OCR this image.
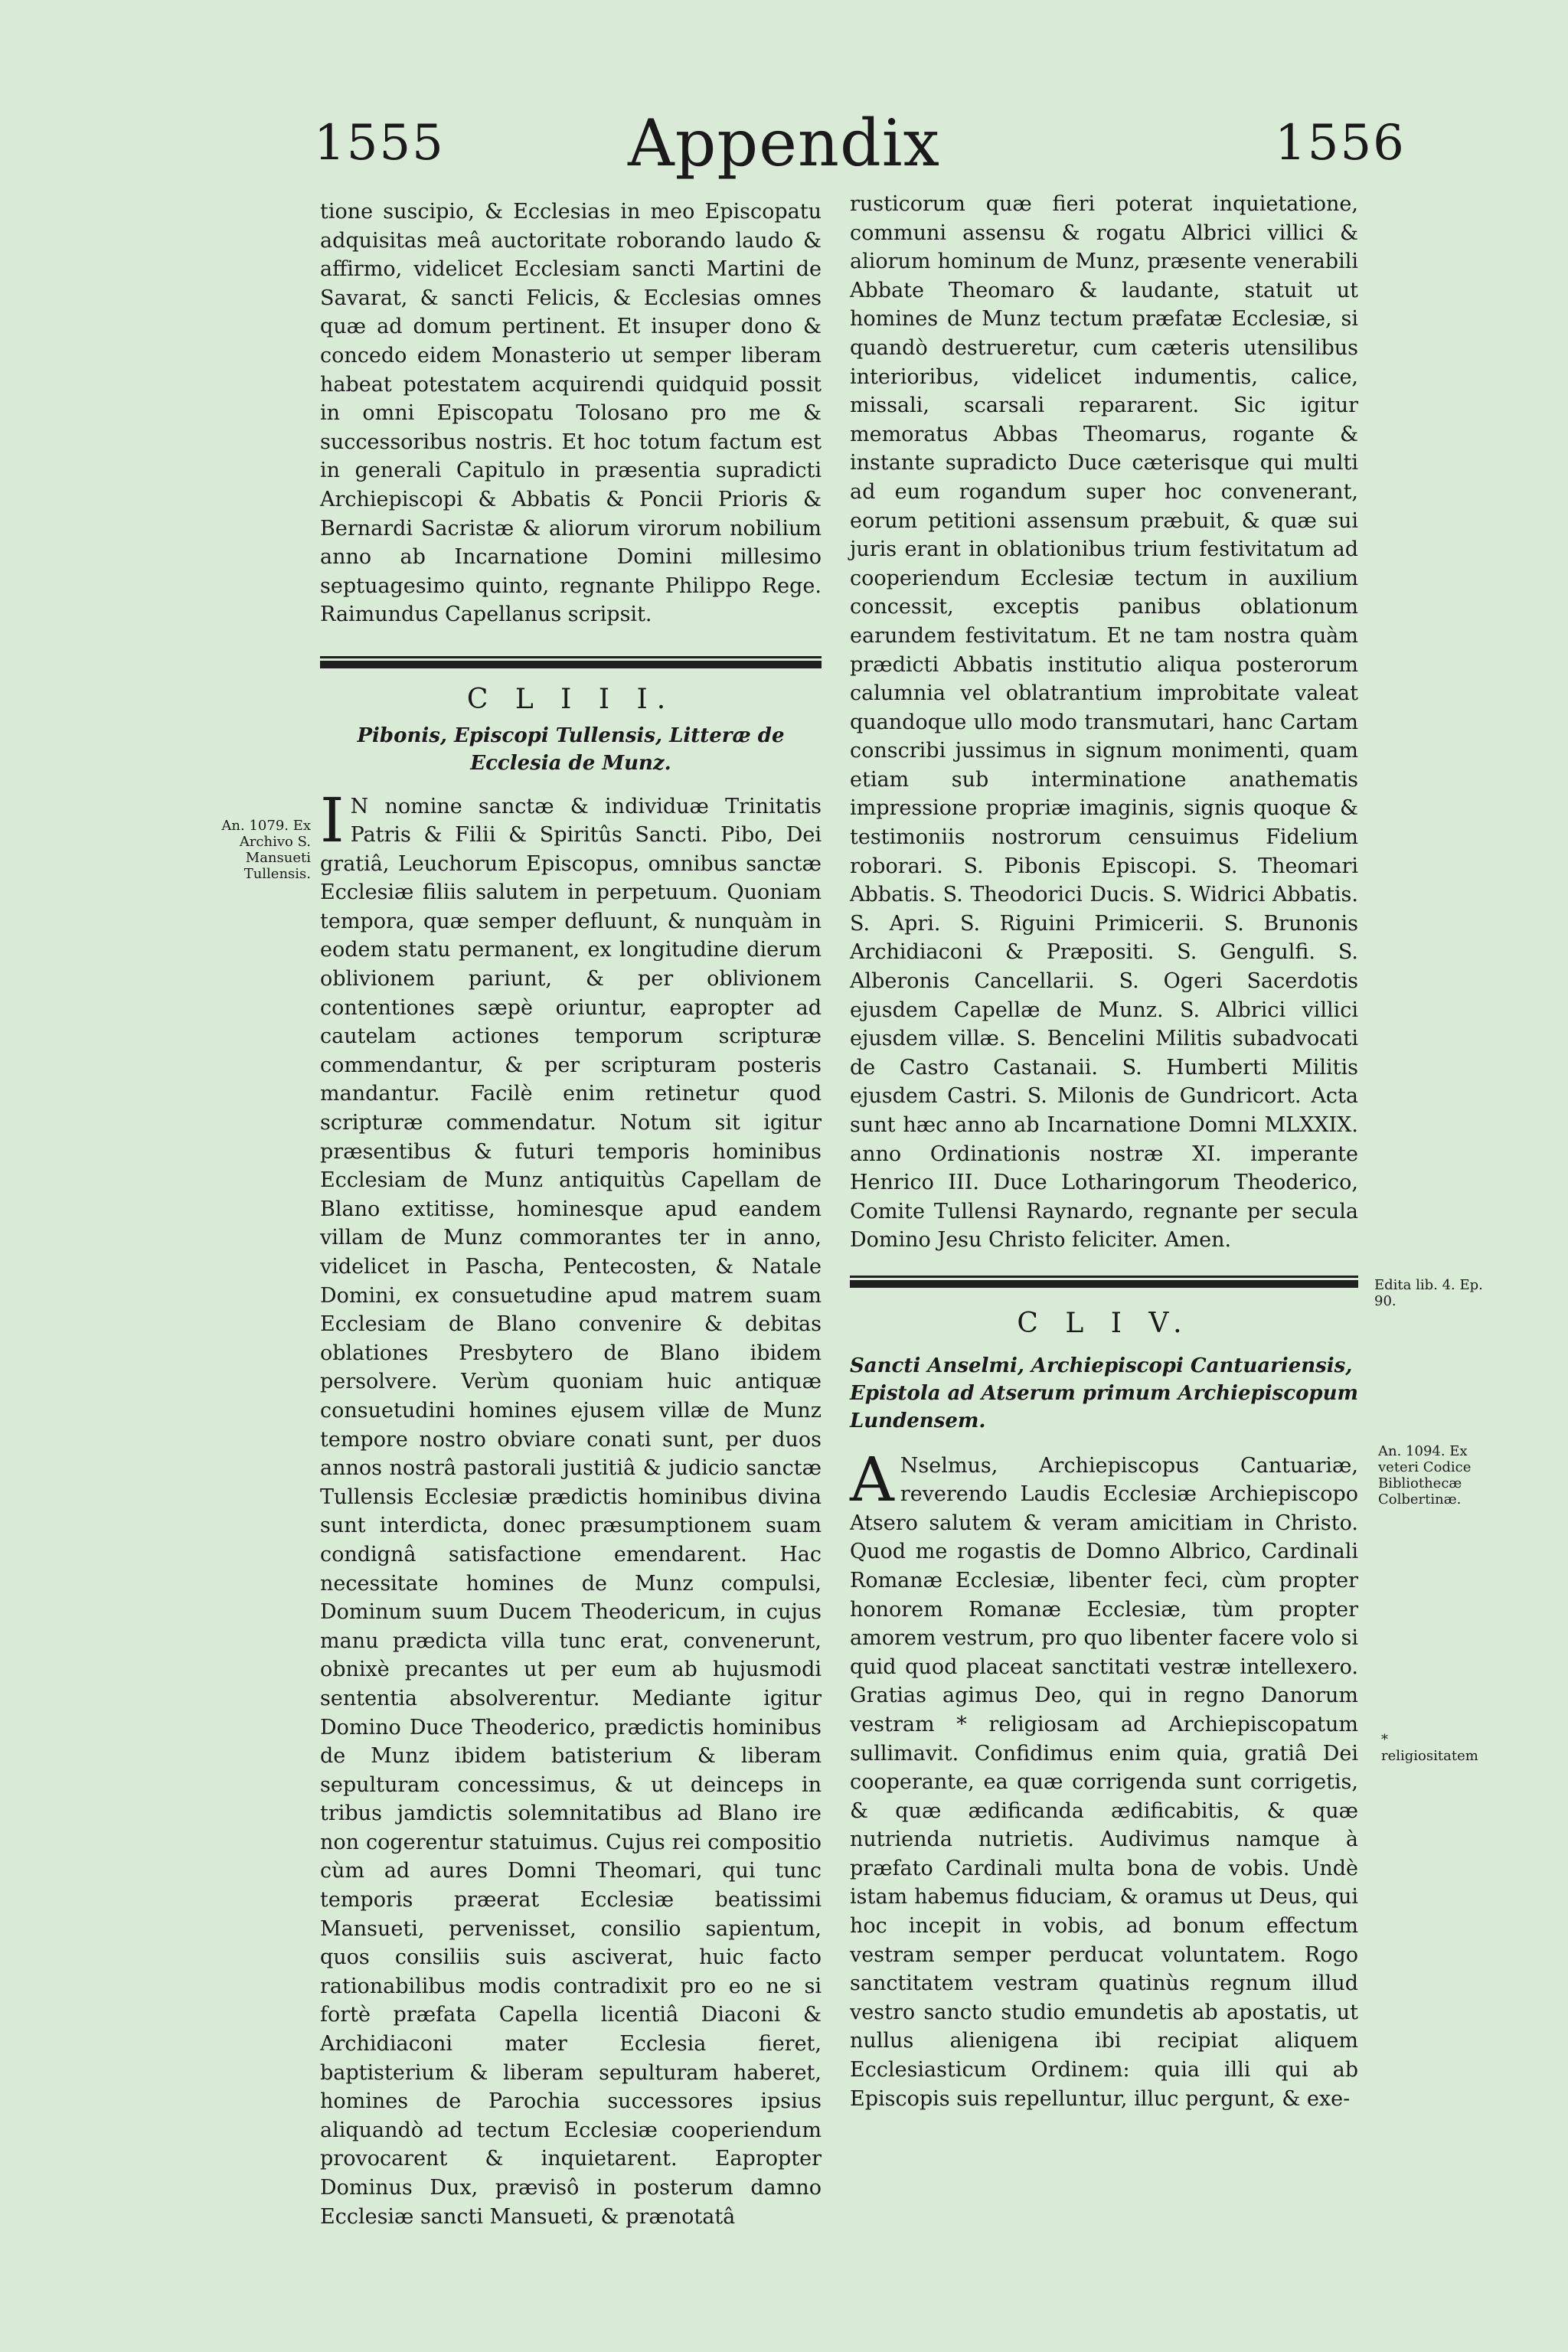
1555	Appendix	1556
An. 1079. Ex Archivo S. Mansueti Tullensis.

tione suscipio, & Ecclesias in meo Episcopatu adquisitas meâ auctoritate roborando laudo & affirmo, videlicet Ecclesiam sancti Martini de Savarat, & sancti Felicis, & Ecclesias omnes quæ ad domum pertinent. Et insuper dono & concedo eidem Monasterio ut semper liberam habeat potestatem acquirendi quidquid possit in omni Episcopatu Tolosano pro me & successoribus nostris. Et hoc totum factum est in generali Capitulo in præsentia supradicti Archiepiscopi & Abbatis & Poncii Prioris & Bernardi Sacristæ & aliorum virorum nobilium anno ab Incarnatione Domini millesimo septuagesimo quinto, regnante Philippo Rege. Raimundus Capellanus scripsit.

C L I I I.

Pibonis, Episcopi Tullensis, Litteræ de Ecclesia de Munz.

I N nomine sanctæ & individuæ Trinitatis Patris & Filii & Spiritûs Sancti. Pibo, Dei gratiâ, Leuchorum Episcopus, omnibus sanctæ Ecclesiæ filiis salutem in perpetuum. Quoniam tempora, quæ semper defluunt, & nunquàm in eodem statu permanent, ex longitudine dierum oblivionem pariunt, & per oblivionem contentiones sæpè oriuntur, eapropter ad cautelam actiones temporum scripturæ commendantur, & per scripturam posteris mandantur. Facilè enim retinetur quod scripturæ commendatur. Notum sit igitur præsentibus & futuri temporis hominibus Ecclesiam de Munz antiquitùs Capellam de Blano extitisse, hominesque apud eandem villam de Munz commorantes ter in anno, videlicet in Pascha, Pentecosten, & Natale Domini, ex consuetudine apud matrem suam Ecclesiam de Blano convenire & debitas oblationes Presbytero de Blano ibidem persolvere. Verùm quoniam huic antiquæ consuetudini homines ejusem villæ de Munz tempore nostro obviare conati sunt, per duos annos nostrâ pastorali justitiâ & judicio sanctæ Tullensis Ecclesiæ prædictis hominibus divina sunt interdicta, donec præsumptionem suam condignâ satisfactione emendarent. Hac necessitate homines de Munz compulsi, Dominum suum Ducem Theodericum, in cujus manu prædicta villa tunc erat, convenerunt, obnixè precantes ut per eum ab hujusmodi sententia absolverentur. Mediante igitur Domino Duce Theoderico, prædictis hominibus de Munz ibidem batisterium & liberam sepulturam concessimus, & ut deinceps in tribus jamdictis solemnitatibus ad Blano ire non cogerentur statuimus. Cujus rei compositio cùm ad aures Domni Theomari, qui tunc temporis præerat Ecclesiæ beatissimi Mansueti, pervenisset, consilio sapientum, quos consiliis suis asciverat, huic facto rationabilibus modis contradixit pro eo ne si fortè præfata Capella licentiâ Diaconi & Archidiaconi mater Ecclesia fieret, baptisterium & liberam sepulturam haberet, homines de Parochia successores ipsius aliquandò ad tectum Ecclesiæ cooperiendum provocarent & inquietarent. Eapropter Dominus Dux, prævisô in posterum damno Ecclesiæ sancti Mansueti, & prænotatâ

rusticorum quæ fieri poterat inquietatione, communi assensu & rogatu Albrici villici & aliorum hominum de Munz, præsente venerabili Abbate Theomaro & laudante, statuit ut homines de Munz tectum præfatæ Ecclesiæ, si quandò destrueretur, cum cæteris utensilibus interioribus, videlicet indumentis, calice, missali, scarsali repararent. Sic igitur memoratus Abbas Theomarus, rogante & instante supradicto Duce cæterisque qui multi ad eum rogandum super hoc convenerant, eorum petitioni assensum præbuit, & quæ sui juris erant in oblationibus trium festivitatum ad cooperiendum Ecclesiæ tectum in auxilium concessit, exceptis panibus oblationum earundem festivitatum. Et ne tam nostra quàm prædicti Abbatis institutio aliqua posterorum calumnia vel oblatrantium improbitate valeat quandoque ullo modo transmutari, hanc Cartam conscribi jussimus in signum monimenti, quam etiam sub interminatione anathematis impressione propriæ imaginis, signis quoque & testimoniis nostrorum censuimus Fidelium roborari. S. Pibonis Episcopi. S. Theomari Abbatis. S. Theodorici Ducis. S. Widrici Abbatis. S. Apri. S. Riguini Primicerii. S. Brunonis Archidiaconi & Præpositi. S. Gengulfi. S. Alberonis Cancellarii. S. Ogeri Sacerdotis ejusdem Capellæ de Munz. S. Albrici villici ejusdem villæ. S. Bencelini Militis subadvocati de Castro Castanaii. S. Humberti Militis ejusdem Castri. S. Milonis de Gundricort. Acta sunt hæc anno ab Incarnatione Domni MLXXIX. anno Ordinationis nostræ XI. imperante Henrico III. Duce Lotharingorum Theoderico, Comite Tullensi Raynardo, regnante per secula Domino Jesu Christo feliciter. Amen.

C L I V.

Sancti Anselmi, Archiepiscopi Cantuariensis, Epistola ad Atserum primum Archiepiscopum Lundensem.

A Nselmus, Archiepiscopus Cantuariæ, reverendo Laudis Ecclesiæ Archiepiscopo Atsero salutem & veram amicitiam in Christo. Quod me rogastis de Domno Albrico, Cardinali Romanæ Ecclesiæ, libenter feci, cùm propter honorem Romanæ Ecclesiæ, tùm propter amorem vestrum, pro quo libenter facere volo si quid quod placeat sanctitati vestræ intellexero. Gratias agimus Deo, qui in regno Danorum vestram * religiosam ad Archiepiscopatum sullimavit. Confidimus enim quia, gratiâ Dei cooperante, ea quæ corrigenda sunt corrigetis, & quæ ædificanda ædificabitis, & quæ nutrienda nutrietis. Audivimus namque à præfato Cardinali multa bona de vobis. Undè istam habemus fiduciam, & oramus ut Deus, qui hoc incepit in vobis, ad bonum effectum vestram semper perducat voluntatem. Rogo sanctitatem vestram quatinùs regnum illud vestro sancto studio emundetis ab apostatis, ut nullus alienigena ibi recipiat aliquem Ecclesiasticum Ordinem: quia illi qui ab Episcopis suis repelluntur, illuc pergunt, & exe-

Edita lib. 4. Ep. 90.
An. 1094. Ex veteri Codice Bibliothecæ Colbertinæ.
* religiositatem
